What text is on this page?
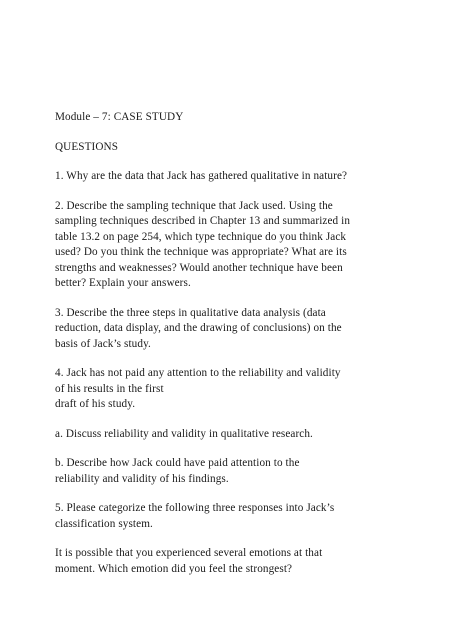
Module – 7: CASE STUDY

QUESTIONS

1. Why are the data that Jack has gathered qualitative in nature?

2. Describe the sampling technique that Jack used. Using the
sampling techniques described in Chapter 13 and summarized in
table 13.2 on page 254, which type technique do you think Jack
used? Do you think the technique was appropriate? What are its
strengths and weaknesses? Would another technique have been
better? Explain your answers.

3. Describe the three steps in qualitative data analysis (data
reduction, data display, and the drawing of conclusions) on the
basis of Jack’s study.

4. Jack has not paid any attention to the reliability and validity
of his results in the first
draft of his study.

a. Discuss reliability and validity in qualitative research.

b. Describe how Jack could have paid attention to the
reliability and validity of his findings.

5. Please categorize the following three responses into Jack’s
classification system.

It is possible that you experienced several emotions at that
moment. Which emotion did you feel the strongest?
